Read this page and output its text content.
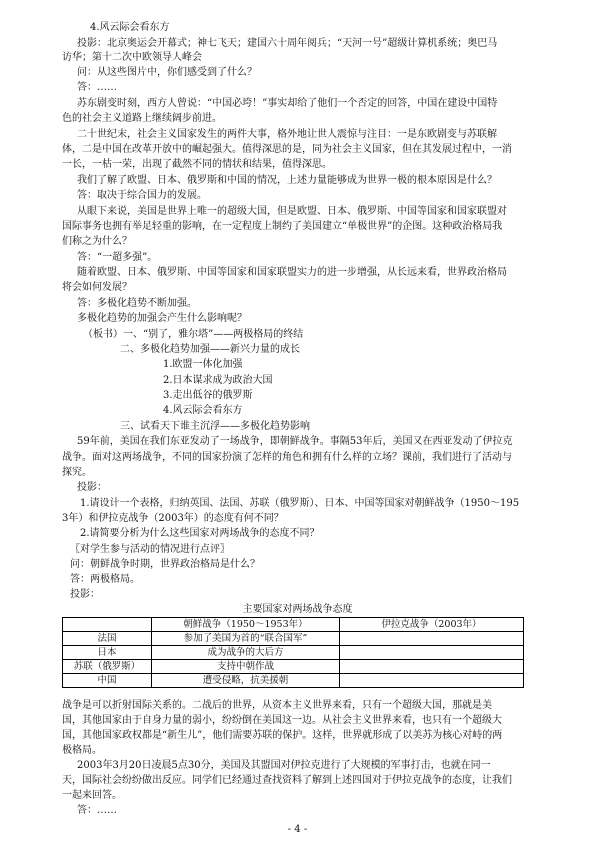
4.风云际会看东方
投影：北京奥运会开幕式；神七飞天；建国六十周年阅兵；“天河一号”超级计算机系统；奥巴马
访华；第十二次中欧领导人峰会
问：从这些图片中，你们感受到了什么？
答：……
苏东剧变时刻，西方人曾说：“中国必垮！”事实却给了他们一个否定的回答，中国在建设中国特
色的社会主义道路上继续阔步前进。
二十世纪末，社会主义国家发生的两件大事，格外地让世人震惊与注目：一是东欧剧变与苏联解
体，二是中国在改革开放中的崛起强大。值得深思的是，同为社会主义国家，但在其发展过程中，一消
一长，一枯一荣，出现了截然不同的情状和结果，值得深思。
我们了解了欧盟、日本、俄罗斯和中国的情况，上述力量能够成为世界一极的根本原因是什么？
答：取决于综合国力的发展。
从眼下来说，美国是世界上唯一的超级大国，但是欧盟、日本、俄罗斯、中国等国家和国家联盟对
国际事务也拥有举足轻重的影响，在一定程度上制约了美国建立“单极世界”的企图。这种政治格局我
们称之为什么？
答：“一超多强”。
随着欧盟、日本、俄罗斯、中国等国家和国家联盟实力的进一步增强，从长远来看，世界政治格局
将会如何发展？
答：多极化趋势不断加强。
多极化趋势的加强会产生什么影响呢？
（板书）一、“别了，雅尔塔”——两极格局的终结
二、多极化趋势加强——新兴力量的成长
1.欧盟一体化加强
2.日本谋求成为政治大国
3.走出低谷的俄罗斯
4.风云际会看东方
三、试看天下谁主沉浮——多极化趋势影响
59年前，美国在我们东亚发动了一场战争，即朝鲜战争。事隔53年后，美国又在西亚发动了伊拉克
战争。面对这两场战争，不同的国家扮演了怎样的角色和拥有什么样的立场？课前，我们进行了活动与
探究。
投影：
1.请设计一个表格，归纳英国、法国、苏联（俄罗斯）、日本、中国等国家对朝鲜战争（1950～195
3年）和伊拉克战争（2003年）的态度有何不同？
2.请简要分析为什么这些国家对两场战争的态度不同？
〖对学生参与活动的情况进行点评〗
问：朝鲜战争时期，世界政治格局是什么？
答：两极格局。
投影：
主要国家对两场战争态度
	朝鲜战争（1950～1953年）	伊拉克战争（2003年）
法国	参加了美国为首的“联合国军”	
日本	成为战争的大后方	
苏联（俄罗斯）	支持中朝作战	
中国	遭受侵略，抗美援朝	
战争是可以折射国际关系的。二战后的世界，从资本主义世界来看，只有一个超级大国，那就是美
国，其他国家由于自身力量的弱小，纷纷倒在美国这一边。从社会主义世界来看，也只有一个超级大
国，其他国家政权都是“新生儿”，他们需要苏联的保护。这样，世界就形成了以美苏为核心对峙的两
极格局。
2003年3月20日凌晨5点30分，美国及其盟国对伊拉克进行了大规模的军事打击，也就在同一
天，国际社会纷纷做出反应。同学们已经通过查找资料了解到上述四国对于伊拉克战争的态度，让我们
一起来回答。
答：……
- 4 -
